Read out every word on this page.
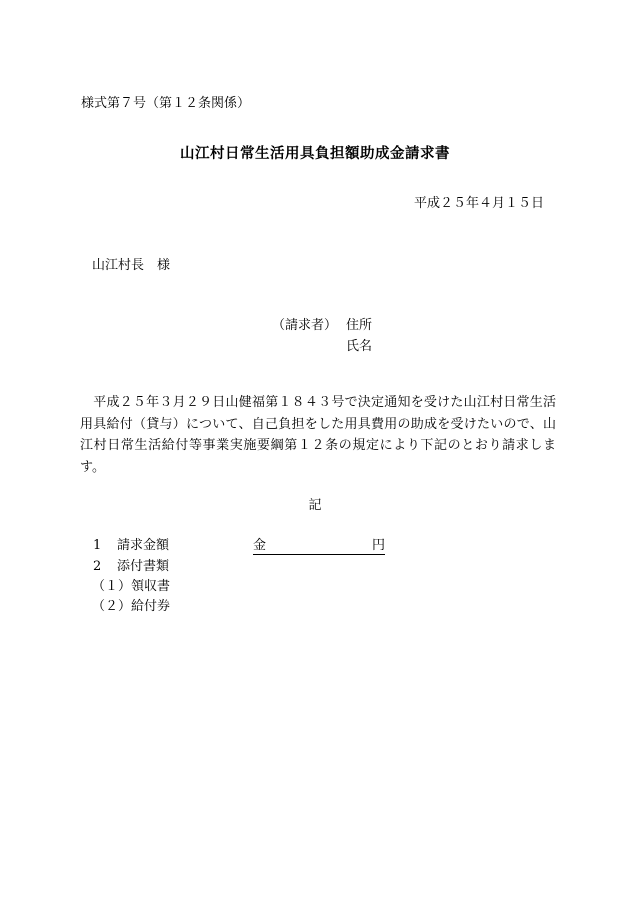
様式第７号（第１２条関係）
山江村日常生活用具負担額助成金請求書
平成２５年４月１５日
山江村長　様
（請求者） 住所
氏名
　平成２５年３月２９日山健福第１８４３号で決定通知を受けた山江村日常生活用具給付（貸与）について、自己負担をした用具費用の助成を受けたいので、山江村日常生活給付等事業実施要綱第１２条の規定により下記のとおり請求します。
記
1 請求金額	金	円
2 添付書類
（１）領収書
（２）給付券
